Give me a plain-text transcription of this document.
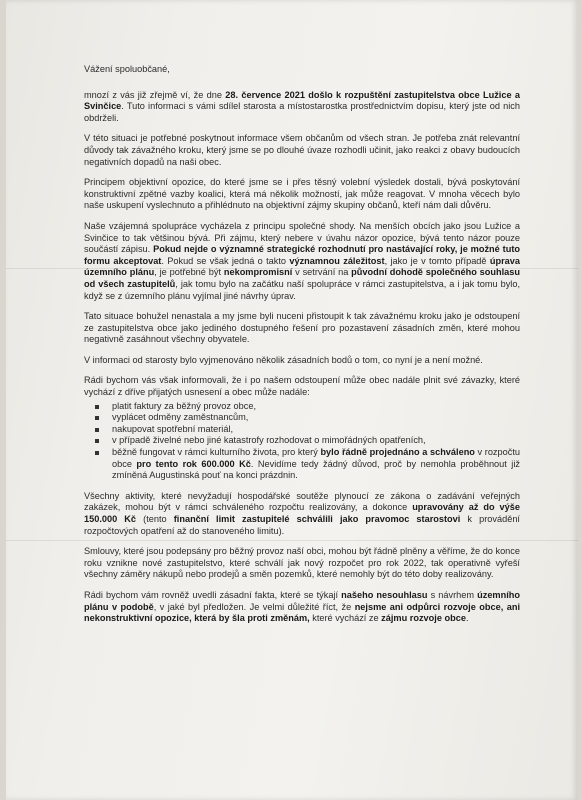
Vážení spoluobčané,

mnozí z vás již zřejmě ví, že dne 28. července 2021 došlo k rozpuštění zastupitelstva obce Lužice a Svinčice. Tuto informaci s vámi sdílel starosta a místostarostka prostřednictvím dopisu, který jste od nich obdrželi.

V této situaci je potřebné poskytnout informace všem občanům od všech stran. Je potřeba znát relevantní důvody tak závažného kroku, který jsme se po dlouhé úvaze rozhodli učinit, jako reakci z obavy budoucích negativních dopadů na naši obec.

Principem objektivní opozice, do které jsme se i přes těsný volební výsledek dostali, bývá poskytování konstruktivní zpětné vazby koalici, která má několik možností, jak může reagovat. V mnoha věcech bylo naše uskupení vyslechnuto a přihlédnuto na objektivní zájmy skupiny občanů, kteří nám dali důvěru.

Naše vzájemná spolupráce vycházela z principu společné shody. Na menších obcích jako jsou Lužice a Svinčice to tak většinou bývá. Při zájmu, který nebere v úvahu názor opozice, bývá tento názor pouze součástí zápisu. Pokud nejde o významné strategické rozhodnutí pro nastávající roky, je možné tuto formu akceptovat. Pokud se však jedná o takto významnou záležitost, jako je v tomto případě úprava územního plánu, je potřebné být nekompromisní v setrvání na původní dohodě společného souhlasu od všech zastupitelů, jak tomu bylo na začátku naší spolupráce v rámci zastupitelstva, a i jak tomu bylo, když se z územního plánu vyjímal jiné návrhy úprav.

Tato situace bohužel nenastala a my jsme byli nuceni přistoupit k tak závažnému kroku jako je odstoupení ze zastupitelstva obce jako jediného dostupného řešení pro pozastavení zásadních změn, které mohou negativně zasáhnout všechny obyvatele.

V informaci od starosty bylo vyjmenováno několik zásadních bodů o tom, co nyní je a není možné.

Rádi bychom vás však informovali, že i po našem odstoupení může obec nadále plnit své závazky, které vychází z dříve přijatých usnesení a obec může nadále:

platit faktury za běžný provoz obce,
vyplácet odměny zaměstnancům,
nakupovat spotřební materiál,
v případě živelné nebo jiné katastrofy rozhodovat o mimořádných opatřeních,
běžně fungovat v rámci kulturního života, pro který bylo řádně projednáno a schváleno v rozpočtu obce pro tento rok 600.000 Kč. Nevidíme tedy žádný důvod, proč by nemohla proběhnout již zmíněná Augustinská pouť na konci prázdnin.

Všechny aktivity, které nevyžadují hospodářské soutěže plynoucí ze zákona o zadávání veřejných zakázek, mohou být v rámci schváleného rozpočtu realizovány, a dokonce upravovány až do výše 150.000 Kč (tento finanční limit zastupitelé schválili jako pravomoc starostovi k provádění rozpočtových opatření až do stanoveného limitu).

Smlouvy, které jsou podepsány pro běžný provoz naší obci, mohou být řádně plněny a věříme, že do konce roku vznikne nové zastupitelstvo, které schválí jak nový rozpočet pro rok 2022, tak operativně vyřeší všechny záměry nákupů nebo prodejů a směn pozemků, které nemohly být do této doby realizovány.

Rádi bychom vám rovněž uvedli zásadní fakta, které se týkají našeho nesouhlasu s návrhem územního plánu v podobě, v jaké byl předložen. Je velmi důležité říct, že nejsme ani odpůrci rozvoje obce, ani nekonstruktivní opozice, která by šla proti změnám, které vychází ze zájmu rozvoje obce.
